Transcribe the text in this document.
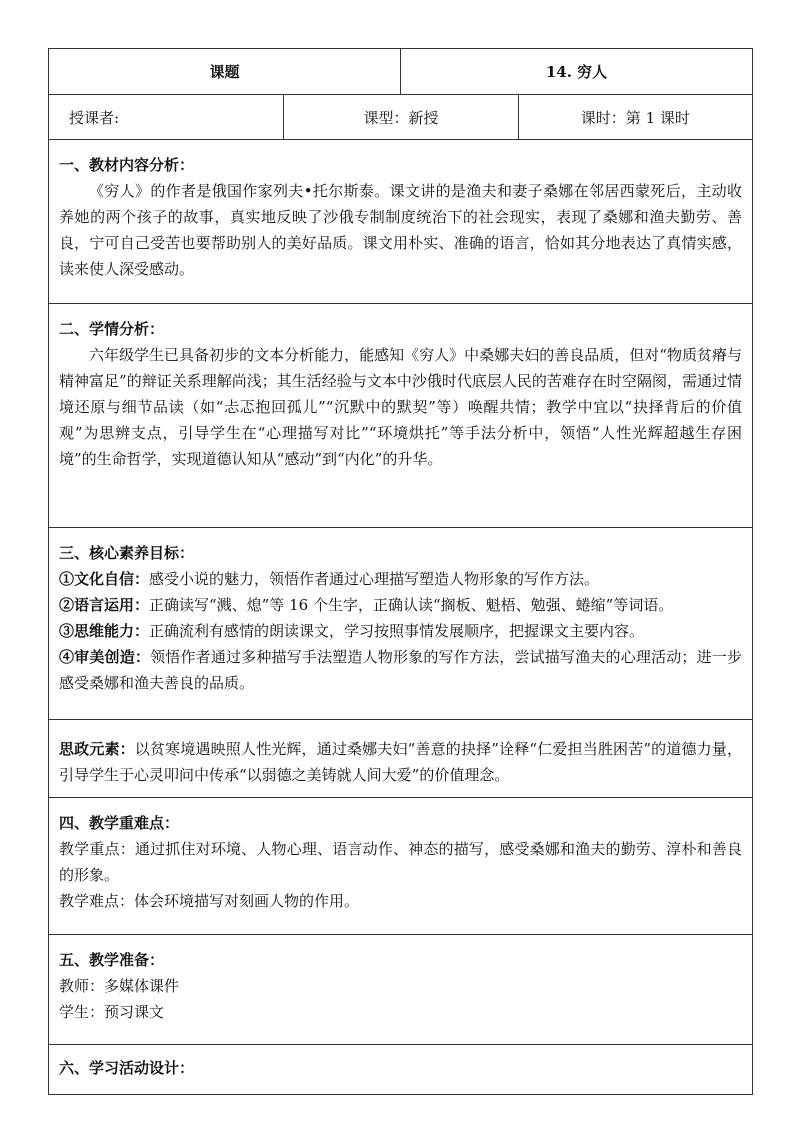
课题	14. 穷人
授课者:	课型：新授	课时：第 1 课时
一、教材内容分析：
《穷人》的作者是俄国作家列夫•托尔斯泰。课文讲的是渔夫和妻子桑娜在邻居西蒙死后，主动收养她的两个孩子的故事，真实地反映了沙俄专制制度统治下的社会现实，表现了桑娜和渔夫勤劳、善良，宁可自己受苦也要帮助别人的美好品质。课文用朴实、准确的语言，恰如其分地表达了真情实感，读来使人深受感动。
二、学情分析：
六年级学生已具备初步的文本分析能力，能感知《穷人》中桑娜夫妇的善良品质，但对“物质贫瘠与精神富足”的辩证关系理解尚浅；其生活经验与文本中沙俄时代底层人民的苦难存在时空隔阂，需通过情境还原与细节品读（如“忐忑抱回孤儿”“沉默中的默契”等）唤醒共情；教学中宜以“抉择背后的价值观”为思辨支点，引导学生在“心理描写对比”“环境烘托”等手法分析中，领悟“人性光辉超越生存困境”的生命哲学，实现道德认知从“感动”到“内化”的升华。
三、核心素养目标：
①文化自信：感受小说的魅力，领悟作者通过心理描写塑造人物形象的写作方法。
②语言运用：正确读写“溅、熄”等 16 个生字，正确认读“搁板、魁梧、勉强、蜷缩”等词语。
③思维能力：正确流利有感情的朗读课文，学习按照事情发展顺序，把握课文主要内容。
④审美创造：领悟作者通过多种描写手法塑造人物形象的写作方法，尝试描写渔夫的心理活动；进一步感受桑娜和渔夫善良的品质。
思政元素：以贫寒境遇映照人性光辉，通过桑娜夫妇“善意的抉择”诠释“仁爱担当胜困苦”的道德力量，引导学生于心灵叩问中传承“以弱德之美铸就人间大爱”的价值理念。
四、教学重难点：
教学重点：通过抓住对环境、人物心理、语言动作、神态的描写，感受桑娜和渔夫的勤劳、淳朴和善良的形象。
教学难点：体会环境描写对刻画人物的作用。
五、教学准备：
教师：多媒体课件
学生：预习课文
六、学习活动设计：
